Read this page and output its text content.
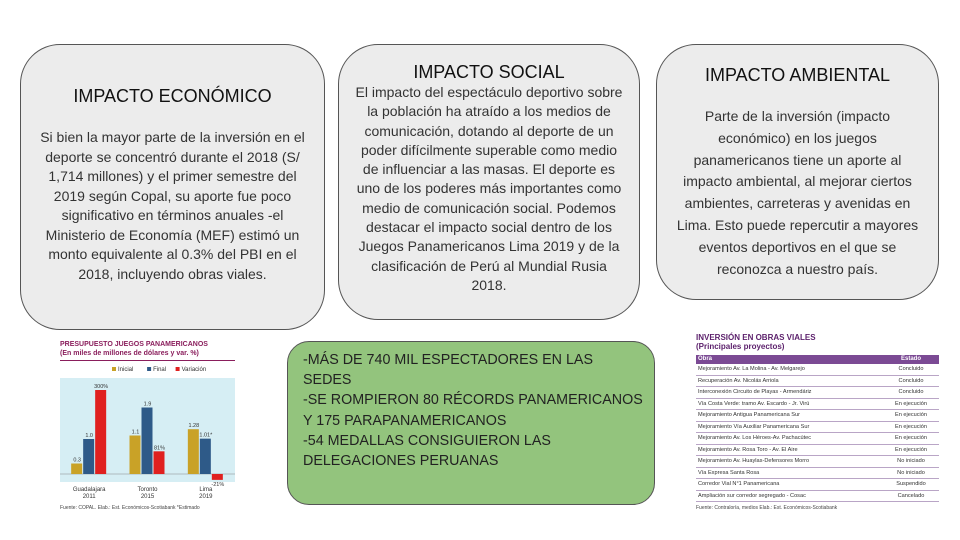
IMPACTO ECONÓMICO

Si bien la mayor parte de la inversión en el deporte se concentró durante el 2018 (S/ 1,714 millones) y el primer semestre del 2019 según Copal, su aporte fue poco significativo en términos anuales -el Ministerio de Economía (MEF) estimó un monto equivalente al 0.3% del PBI en el 2018, incluyendo obras viales.

IMPACTO SOCIAL

El impacto del espectáculo deportivo sobre la población ha atraído a los medios de comunicación, dotando al deporte de un poder difícilmente superable como medio de influenciar a las masas. El deporte es uno de los poderes más importantes como medio de comunicación social. Podemos destacar el impacto social dentro de los Juegos Panamericanos Lima 2019 y de la clasificación de Perú al Mundial Rusia 2018.

IMPACTO AMBIENTAL

Parte de la inversión (impacto económico) en los juegos panamericanos tiene un aporte al impacto ambiental, al mejorar ciertos ambientes, carreteras y avenidas en Lima. Esto puede repercutir a mayores eventos deportivos en el que se reconozca a nuestro país.

-MÁS DE 740 MIL ESPECTADORES EN LAS SEDES
-SE ROMPIERON 80 RÉCORDS PANAMERICANOS Y 175 PARAPANAMERICANOS
-54 MEDALLAS CONSIGUIERON LAS DELEGACIONES PERUANAS
PRESUPUESTO JUEGOS PANAMERICANOS
(En miles de millones de dólares y var. %)
Inicial	Final	Variación
0.3
1.0
300%
Guadalajara
2011
1.1
1.9
81%
Toronto
2015
1.28
1.01*
-21%
Lima
2019
Fuente: COPAL. Elab.: Est. Económicos-Scotiabank *Estimado
INVERSIÓN EN OBRAS VIALES
(Principales proyectos)
Obra	Estado
Mejoramiento Av. La Molina - Av. Melgarejo	Concluido
Recuperación Av. Nicolás Arriola	Concluido
Interconexión Circuito de Playas - Armendáriz	Concluido
Vía Costa Verde: tramo Av. Escardo - Jr. Virú	En ejecución
Mejoramiento Antigua Panamericana Sur	En ejecución
Mejoramiento Vía Auxiliar Panamericana Sur	En ejecución
Mejoramiento Av. Los Héroes-Av. Pachacútec	En ejecución
Mejoramiento Av. Rosa Toro - Av. El Aire	En ejecución
Mejoramiento Av. Huaylas-Defensores Morro	No iniciado
Vía Expresa Santa Rosa	No iniciado
Corredor Vial N°1 Panamericana	Suspendido
Ampliación sur corredor segregado - Cosac	Cancelado
Fuente: Contraloría, medios Elab.: Est. Económicos-Scotiabank
